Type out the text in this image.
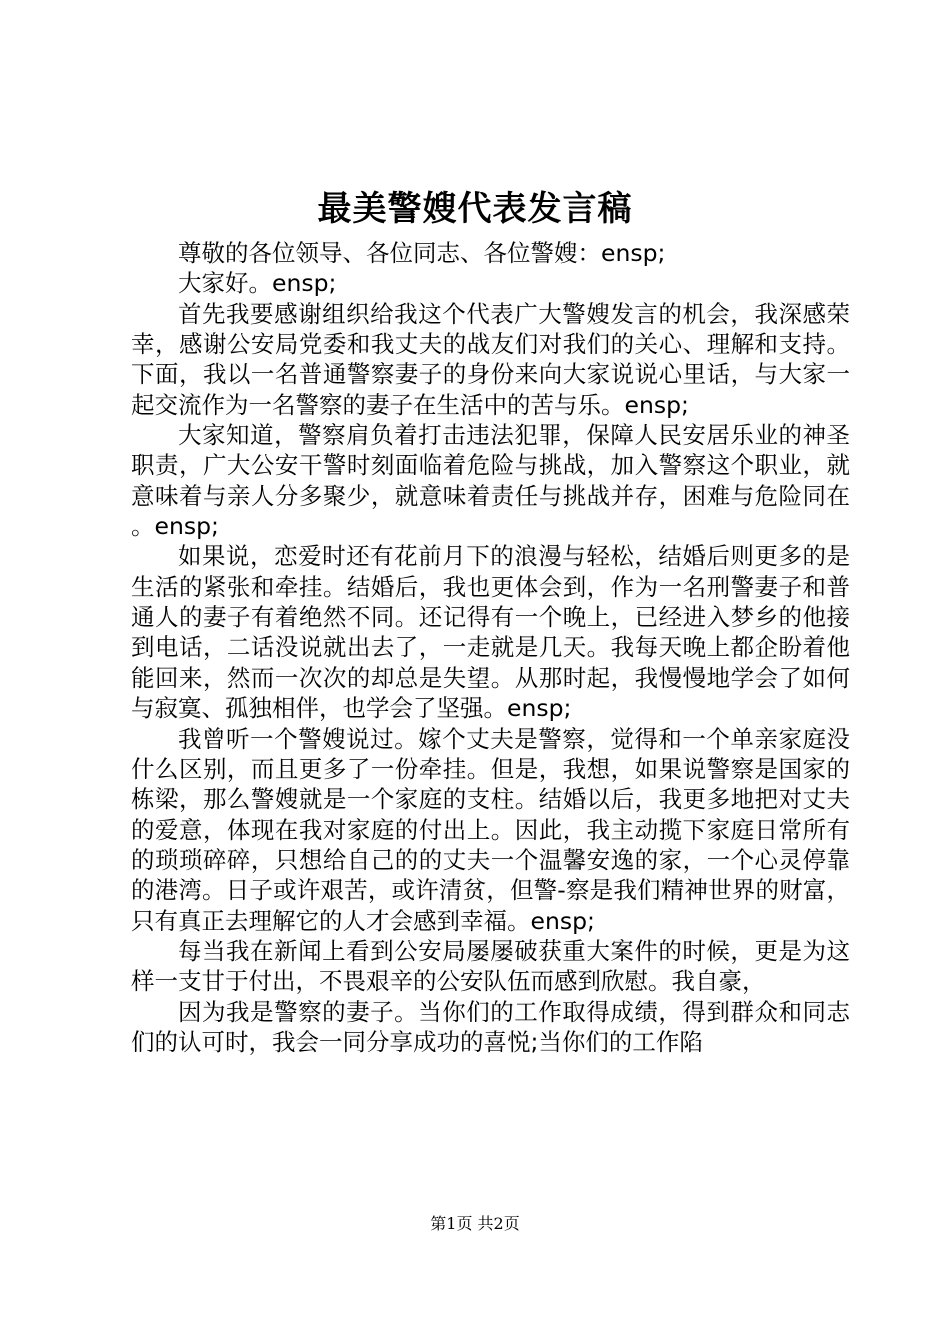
最美警嫂代表发言稿

尊敬的各位领导、各位同志、各位警嫂：ensp;

大家好。ensp;

首先我要感谢组织给我这个代表广大警嫂发言的机会，我深感荣幸，感谢公安局党委和我丈夫的战友们对我们的关心、理解和支持。下面，我以一名普通警察妻子的身份来向大家说说心里话，与大家一起交流作为一名警察的妻子在生活中的苦与乐。ensp;

大家知道，警察肩负着打击违法犯罪，保障人民安居乐业的神圣职责，广大公安干警时刻面临着危险与挑战，加入警察这个职业，就意味着与亲人分多聚少，就意味着责任与挑战并存，困难与危险同在。ensp;

如果说，恋爱时还有花前月下的浪漫与轻松，结婚后则更多的是生活的紧张和牵挂。结婚后，我也更体会到，作为一名刑警妻子和普通人的妻子有着绝然不同。还记得有一个晚上，已经进入梦乡的他接到电话，二话没说就出去了，一走就是几天。我每天晚上都企盼着他能回来，然而一次次的却总是失望。从那时起，我慢慢地学会了如何与寂寞、孤独相伴，也学会了坚强。ensp;

我曾听一个警嫂说过。嫁个丈夫是警察，觉得和一个单亲家庭没什么区别，而且更多了一份牵挂。但是，我想，如果说警察是国家的栋梁，那么警嫂就是一个家庭的支柱。结婚以后，我更多地把对丈夫的爱意，体现在我对家庭的付出上。因此，我主动揽下家庭日常所有的琐琐碎碎，只想给自己的的丈夫一个温馨安逸的家，一个心灵停靠的港湾。日子或许艰苦，或许清贫，但警-察是我们精神世界的财富，只有真正去理解它的人才会感到幸福。ensp;

每当我在新闻上看到公安局屡屡破获重大案件的时候，更是为这样一支甘于付出，不畏艰辛的公安队伍而感到欣慰。我自豪，

因为我是警察的妻子。当你们的工作取得成绩，得到群众和同志们的认可时，我会一同分享成功的喜悦;当你们的工作陷

第1页 共2页
